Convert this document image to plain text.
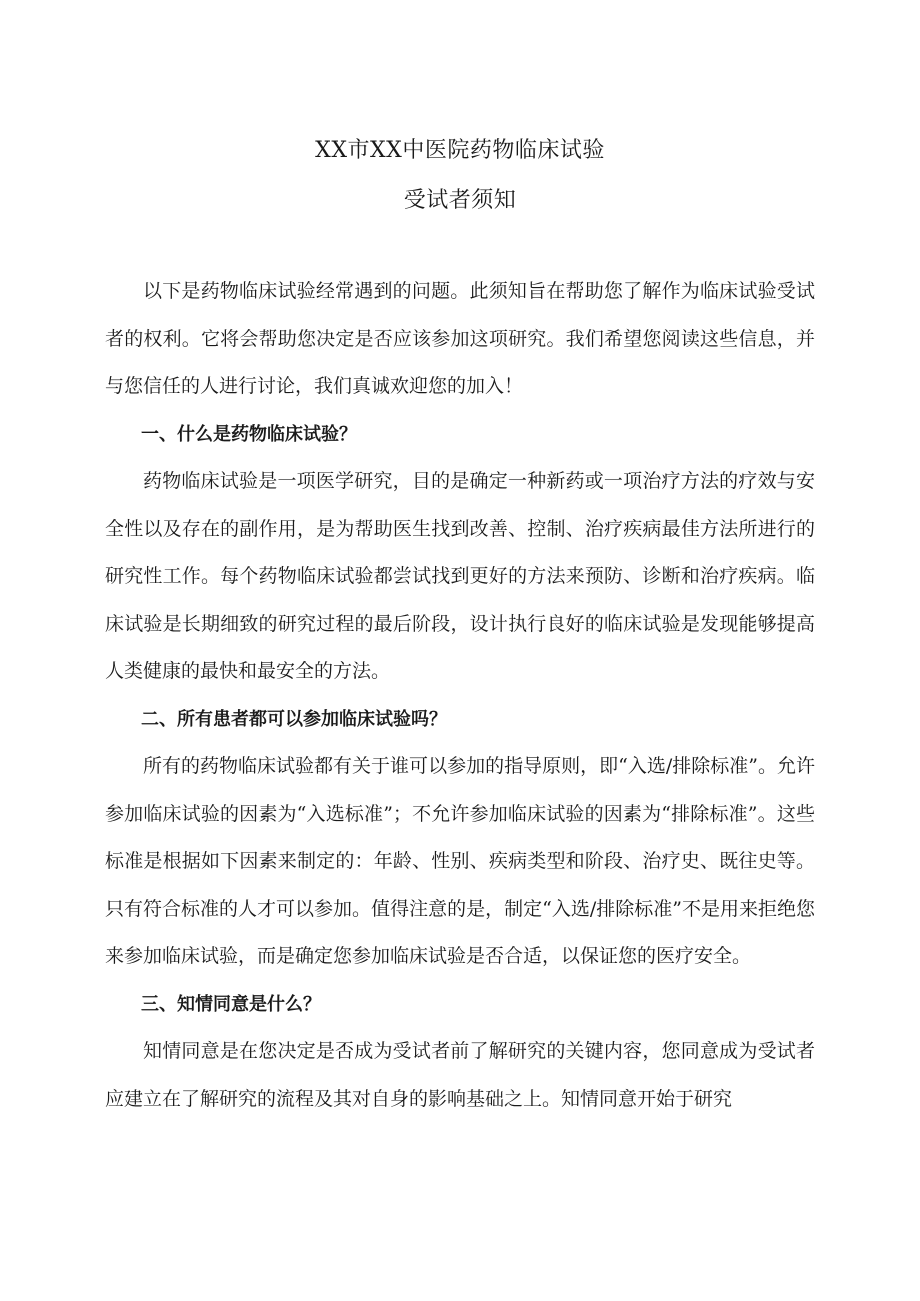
XX市XX中医院药物临床试验
受试者须知

以下是药物临床试验经常遇到的问题。此须知旨在帮助您了解作为临床试验受试者的权利。它将会帮助您决定是否应该参加这项研究。我们希望您阅读这些信息，并与您信任的人进行讨论，我们真诚欢迎您的加入！

一、什么是药物临床试验？

药物临床试验是一项医学研究，目的是确定一种新药或一项治疗方法的疗效与安全性以及存在的副作用，是为帮助医生找到改善、控制、治疗疾病最佳方法所进行的研究性工作。每个药物临床试验都尝试找到更好的方法来预防、诊断和治疗疾病。临床试验是长期细致的研究过程的最后阶段，设计执行良好的临床试验是发现能够提高人类健康的最快和最安全的方法。

二、所有患者都可以参加临床试验吗？

所有的药物临床试验都有关于谁可以参加的指导原则，即“入选/排除标准”。允许参加临床试验的因素为“入选标准”；不允许参加临床试验的因素为“排除标准”。这些标准是根据如下因素来制定的：年龄、性别、疾病类型和阶段、治疗史、既往史等。只有符合标准的人才可以参加。值得注意的是，制定“入选/排除标准”不是用来拒绝您来参加临床试验，而是确定您参加临床试验是否合适，以保证您的医疗安全。

三、知情同意是什么？

知情同意是在您决定是否成为受试者前了解研究的关键内容，您同意成为受试者应建立在了解研究的流程及其对自身的影响基础之上。知情同意开始于研究
